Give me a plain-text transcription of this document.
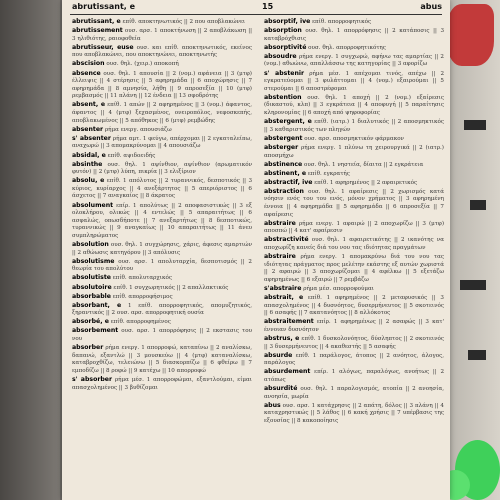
abrutissant, e	15	abus
abrutissant, e επίθ. αποκτηνωτικός || 2 που αποβλακώνει
abrutissement ουσ. αρσ. 1 αποκτήνωση || 2 αποβλάκωση || 3 ηλιθιότης, ραιοφοθεία
abrutisseur, euse ουσ. και επίθ. αποκτηνωτικός, εκείνος που αποβλακώνει, που αποκτηνώνει, αποκτηνωτής
abscision ουσ. θηλ. (χειρ.) αποκοπή
absence ουσ. θηλ. 1 απουσία || 2 (νομ.) αφάνεια || 3 (μτφ) έλλειψις || 4 στέρησις || 5 αφηρημάδα || 6 αποχώρησις || 7 αφηρημάδα || 8 αμνησία, λήθη || 9 απροσεξία || 10 (μτφ) ρεμβασμός || 11 πλάνη || 12 ένδεια || 13 σφοδρότης
absent, e επίθ. 1 απών || 2 αφηρημένος || 3 (νομ.) άφαντος, άφαντος || 4 (μτφ) ξεχασμένος, ονειροπόλος, νεφοσκεπής, αποβλακωμένος || 5 απόθηκος || 6 (μτφ) ρεμβώδης
absenter ρήμα ενεργ. απουσιάζω
s' absenter ρήμα αμτ. 1 φεύγω, απέρχομαι || 2 εγκαταλείπω, αναχωρώ || 3 απομακρύνομαι || 4 απουσιάζω
absidal, e επίθ. αψιδοειδής
absinthe ουσ. θηλ. 1 αψίνθιον, αψίνθιον (αρωματικόν φυτόν) || 2 (μτφ) λύπη, πικρία || 3 ελιξίριον
absolu, e επίθ. 1 απόλυτος || 2 τυραννικός, δεσποτικός || 3 κύριος, κυρίαρχος || 4 ανεξάρτητος || 5 απεριόριστος || 6 άσχετος || 7 αναγκαίος || 8 άκρατος
absolument επίρ. 1 απολύτως || 2 αποφασιστικώς || 3 εξ ολοκλήρου, ολικώς || 4 εντελώς || 5 απαραιτήτως || 6 ασφαλώς, οπωσδήποτε || 7 ανεξαρτήτως || 8 δεσποτικώς, τυραννικώς || 9 αναγκαίως || 10 απαραιτήτως || 11 άνευ συμπληρώματος
absolution ουσ. θηλ. 1 συγχώρησις, χάρις, άφεσις αμαρτιών || 2 αθώωσις κατηγόρου || 3 απόλυσις
absolutisme ουσ. αρσ. 1 απολυταρχία, δεσποτισμός || 2 θεωρία του απολύτου
absolutiste επίθ. απολυταρχικός
absolutoire επίθ. 1 συγχωρητικός || 2 απαλλακτικός
absorbable επίθ. απορροφήσιμος
absorbant, e 1 επίθ. απορροφητικός, απομυζητικός, ξηραντικός || 2 ουσ. αρσ. απορροφητική ουσία
absorbé, e επίθ. απορροφημένος
absorbement ουσ. αρσ. 1 απορρόφησις || 2 εκστασις του νου
absorber ρήμα ενεργ. 1 απορροφώ, καταπίνω || 2 αναλίσκω, δαπανώ, εξαντλώ || 3 μουσκεύω || 4 (μτφ) καταναλίσκω, καταβροχθίζω, τελειώνω || 5 διασκορπίζω || 6 φθείρω || 7 εμποδίζω || 8 ροφώ || 9 κατέχω || 10 απορροφώ
s' absorber ρήμα μέσ. 1 απορροφώμαι, εξαντλούμαι, είμαι απασχολημένος || 3 βυθίζομαι
absorptif, ive επίθ. απορροφητικός
absorption ουσ. θηλ. 1 απορρόφησις || 2 κατάποσις || 3 καταβρόχθισις
absorptivité ουσ. θηλ. απορροφητικότης
absoudre ρήμα ενεργ. 1 συγχωρώ, αφήνω τας αμαρτίας || 2 (νομ.) αθωώνω, απαλλάσσω της κατηγορίας || 3 αφορίζω
s' abstenir ρήμα μέσ. 1 απέχομαι τινός, απέχω || 2 εγκρατεύομαι || 3 φυλάττομαι || 4 (νομ.) εξαιρούμαι || 5 στερούμαι || 6 αποστρέφομαι
abstention ουσ. θηλ. 1 αποχή || 2 (νομ.) εξαίρεσις (δικαστού, κλπ) || 3 εγκράτεια || 4 αποφυγή || 5 παραίτησις κληρονομίας || 6 αποχή από ψηφοφορίας
abstergent, e επίθ. (ιατρ.) 1 διαλυτικός || 2 αποσμηκτικός || 3 καθαριστικός των πληγών
abstergent ουσ. αρσ. αποσμηκτικόν φάρμακον
absterger ρήμα ενεργ. 1 πλύνω τη χειρουργικά || 2 (ιατρ.) αποσμήχω
abstinence ουσ. θηλ. 1 νηστεία, δίαιτα || 2 εγκράτεια
abstinent, e επίθ. εγκρατής
abstractif, ive επίθ. 1 αφηρημένος || 2 αφαιρετικός
abstraction ουσ. θηλ. 1 αφαίρεσις || 2 χωρισμός κατά νόησιν ενός του του ενός, μόνον χρήματος || 3 αφηρημένη έννοια || 4 αφηρημάδα || 5 αφηρημάδα || 6 απροσεξία || 7 αφαίρεσις
abstraire ρήμα ενεργ. 1 αφαιρώ || 2 αποχωρίζω || 3 (μτφ) αποσπώ || 4 κατ' αφαίρεσιν
abstractivité ουσ. θηλ. 1 αφαιρετικότης || 2 ικανότης να αποχωρίζη κανείς διά του νου τας ιδιότητας πραγμάτων
abstraire ρήμα ενεργ. 1 απομακρύνω διά του νου τας ιδιότητας πράγματος προς μελέτην εκάστης εξ αυτών χωριστά || 2 αφαιρώ || 3 αποχωρίζομαι || 4 αφέλκω || 5 εξετάζω αφηρημένως || 6 εξαιρώ || 7 ρεμβάζω
s'abstraire ρήμα μέσ. απορροφούμαι
abstrait, e επίθ. 1 αφηρημένος || 2 μεταφυσικός || 3 απασχολημένος || 4 δυσνόητος, δυσερμήνευτος || 5 σκοτεινός || 6 ασαφής || 7 ακατανόητος || 8 αλλόκοτος
abstraitement επίρ. 1 αφηρημένως || 2 ασαφώς || 3 κατ' έννοιαν δυσνόητον
abstrus, e επίθ. 1 δυσκολονόητος, δύσληπτος || 2 σκοτεινός || 3 δυσερμήνευτος || 4 ακαθεστής || 5 ασαφής
absurde επίθ. 1 παράλογος, άτοπος || 2 ανόητος, άλογος, παράλογος
absurdement επίρ. 1 αλόγως, παραλόγως, ανοήτως || 2 ατόπως
absurdité ουσ. θηλ. 1 παραλογισμός, ατοπία || 2 ανοησία, ανοησία, μωρία
abus ουσ. αρσ. 1 κατάχρησις || 2 απάτη, δόλος || 3 πλάνη || 4 καταχρηστικώς || 5 λάθος || 6 κακή χρήσις || 7 υπέρβασις της εξουσίας || 8 κακοποίησις
